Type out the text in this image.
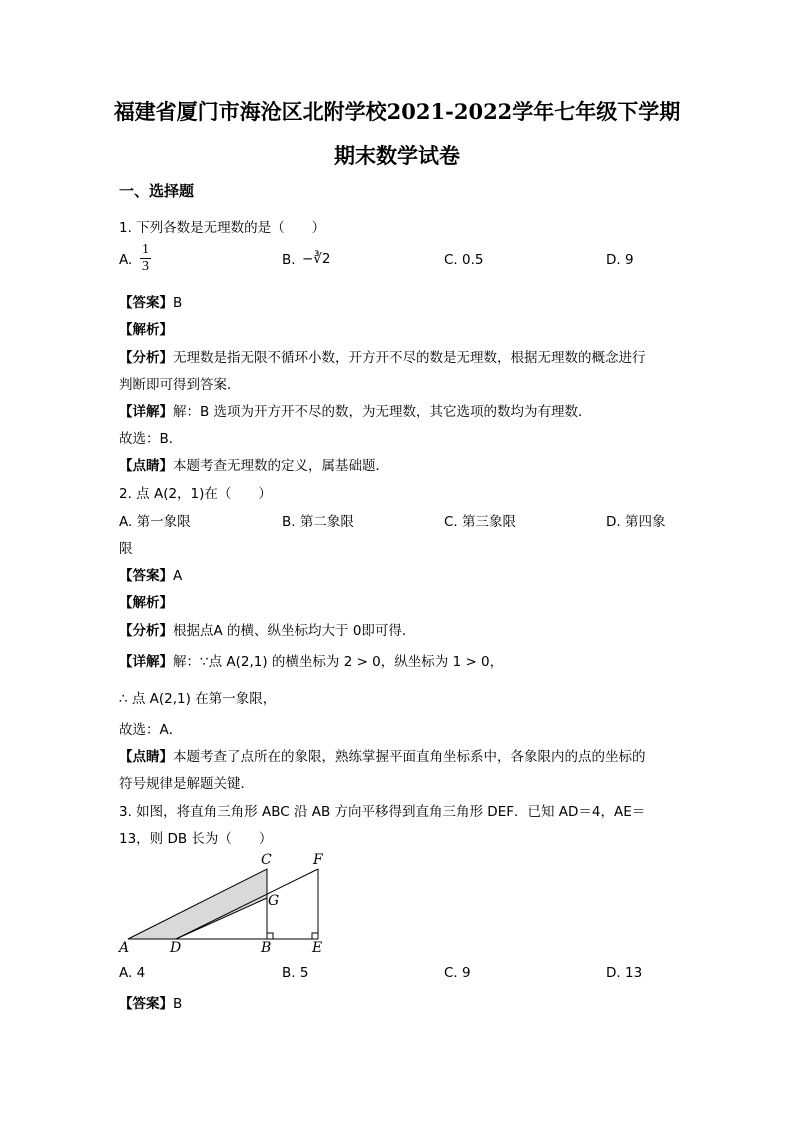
福建省厦门市海沧区北附学校2021-2022学年七年级下学期
期末数学试卷
一、选择题
1. 下列各数是无理数的是（　　）
A. $\frac{1}{3}$	B. −∛2	C. 0.5	D. 9
【答案】B
【解析】
【分析】无理数是指无限不循环小数，开方开不尽的数是无理数，根据无理数的概念进行
判断即可得到答案．
【详解】解：B 选项为开方开不尽的数，为无理数，其它选项的数均为有理数．
故选：B．
【点睛】本题考查无理数的定义，属基础题．
2. 点 A(2，1)在（　　）
A. 第一象限	B. 第二象限	C. 第三象限	D. 第四象
限
【答案】A
【解析】
【分析】根据点A 的横、纵坐标均大于 0即可得．
【详解】解：∵点 A(2,1) 的横坐标为 2 > 0，纵坐标为 1 > 0，
∴ 点 A(2,1) 在第一象限，
故选：A．
【点睛】本题考查了点所在的象限，熟练掌握平面直角坐标系中，各象限内的点的坐标的
符号规律是解题关键．
3. 如图，将直角三角形 ABC 沿 AB 方向平移得到直角三角形 DEF．已知 AD＝4，AE＝
13，则 DB 长为（　　）
A	D	B	E
C	F
G
A. 4	B. 5	C. 9	D. 13
【答案】B
